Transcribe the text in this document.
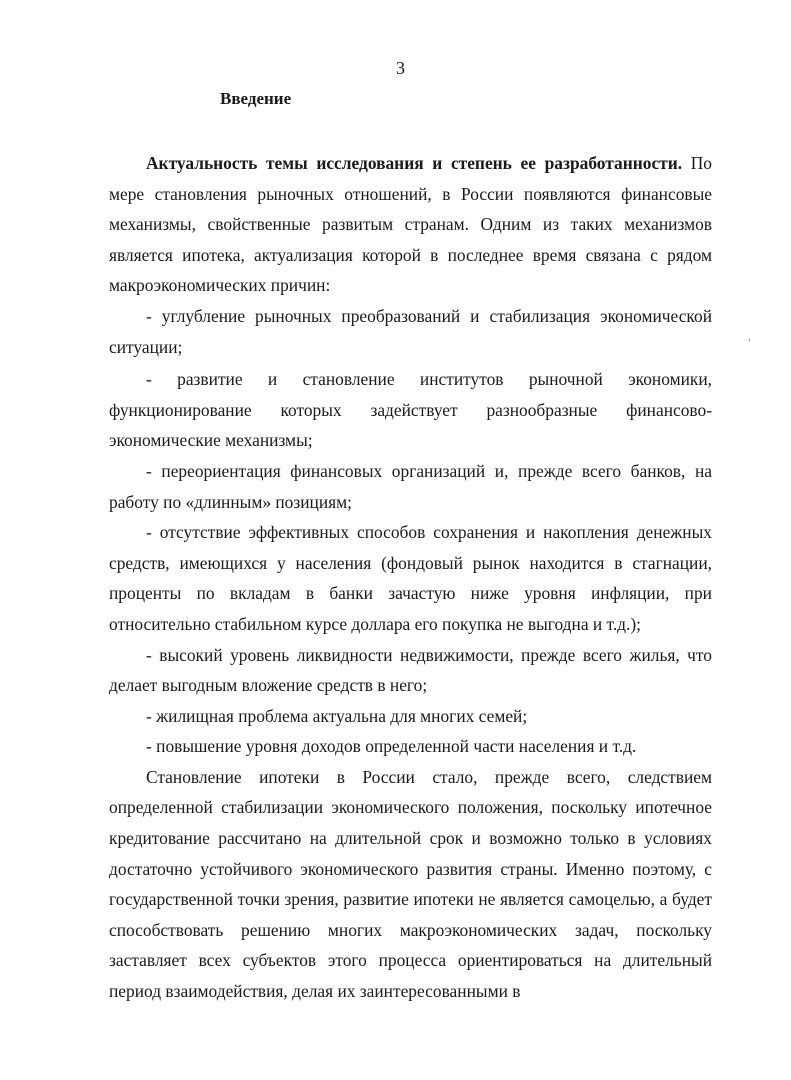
3
Введение
'

Актуальность темы исследования и степень ее разработанности. По мере становления рыночных отношений, в России появляются финансовые механизмы, свойственные развитым странам. Одним из таких механизмов является ипотека, актуализация которой в последнее время связана с рядом макроэкономических причин:

- углубление рыночных преобразований и стабилизация экономической ситуации;

- развитие и становление институтов рыночной экономики, функционирование которых задействует разнообразные финансово-экономические механизмы;

- переориентация финансовых организаций и, прежде всего банков, на работу по «длинным» позициям;

- отсутствие эффективных способов сохранения и накопления денежных средств, имеющихся у населения (фондовый рынок находится в стагнации, проценты по вкладам в банки зачастую ниже уровня инфляции, при относительно стабильном курсе доллара его покупка не выгодна и т.д.);

- высокий уровень ликвидности недвижимости, прежде всего жилья, что делает выгодным вложение средств в него;

- жилищная проблема актуальна для многих семей;

- повышение уровня доходов определенной части населения и т.д.

Становление ипотеки в России стало, прежде всего, следствием определенной стабилизации экономического положения, поскольку ипотечное кредитование рассчитано на длительной срок и возможно только в условиях достаточно устойчивого экономического развития страны. Именно поэтому, с государственной точки зрения, развитие ипотеки не является самоцелью, а будет способствовать решению многих макроэкономических задач, поскольку заставляет всех субъектов этого процесса ориентироваться на длительный период взаимодействия, делая их заинтересованными в
